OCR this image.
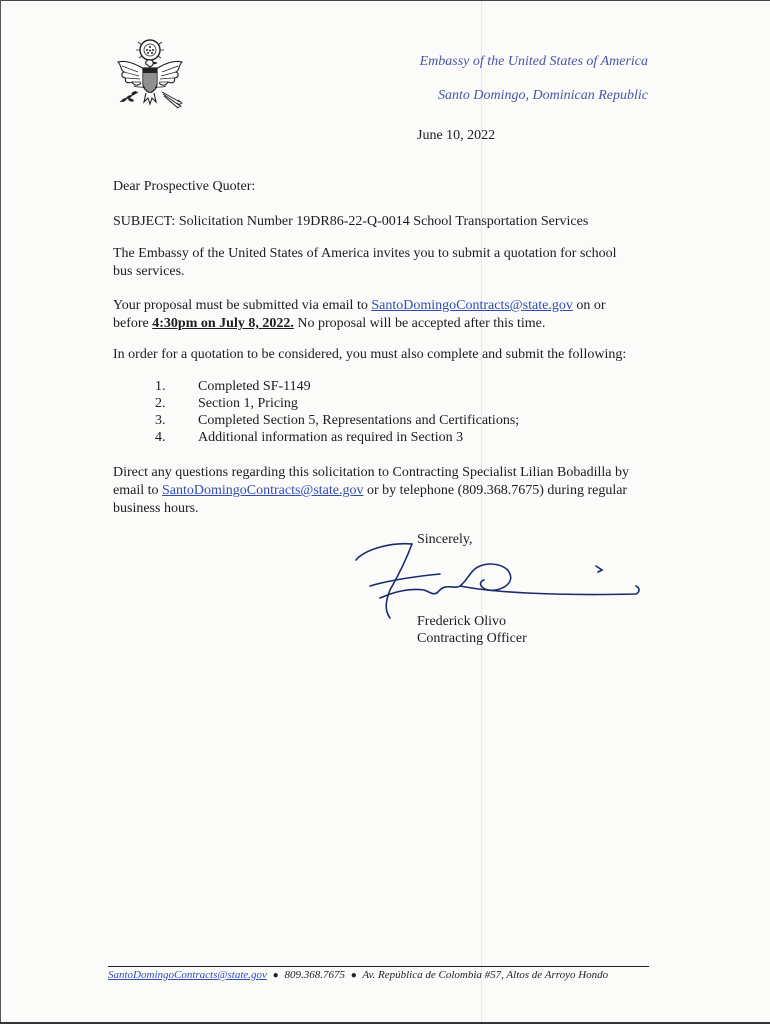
Embassy of the United States of America
Santo Domingo, Dominican Republic
June 10, 2022

Dear Prospective Quoter:

SUBJECT: Solicitation Number 19DR86-22-Q-0014 School Transportation Services

The Embassy of the United States of America invites you to submit a quotation for school bus services.

Your proposal must be submitted via email to SantoDomingoContracts@state.gov on or before 4:30pm on July 8, 2022. No proposal will be accepted after this time.

In order for a quotation to be considered, you must also complete and submit the following:

1.	Completed SF-1149
2.	Section 1, Pricing
3.	Completed Section 5, Representations and Certifications;
4.	Additional information as required in Section 3

Direct any questions regarding this solicitation to Contracting Specialist Lilian Bobadilla by email to SantoDomingoContracts@state.gov or by telephone (809.368.7675) during regular business hours.

Sincerely,
Frederick Olivo
Contracting Officer
SantoDomingoContracts@state.gov ● 809.368.7675 ● Av. República de Colombia #57, Altos de Arroyo Hondo
